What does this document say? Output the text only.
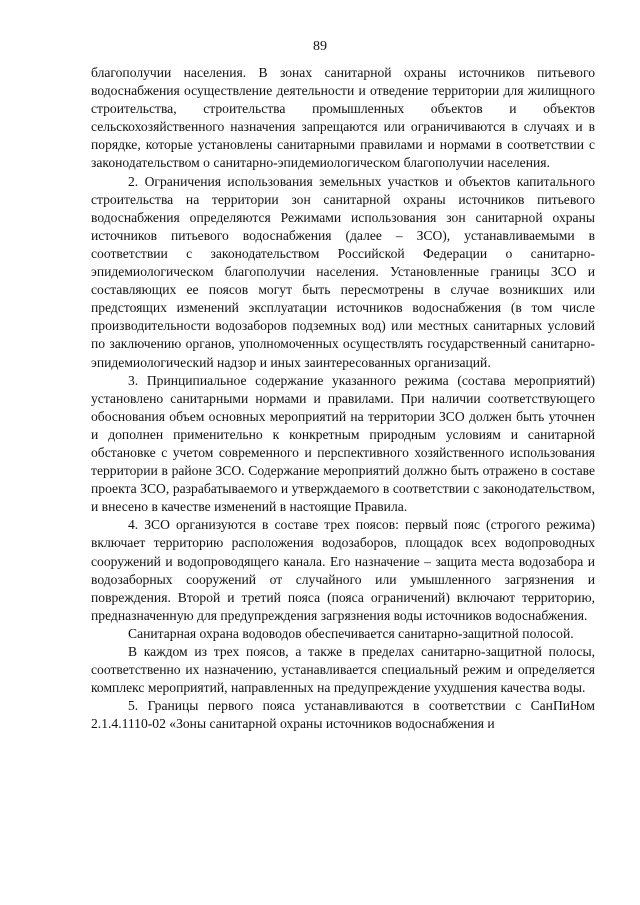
89

благополучии населения. В зонах санитарной охраны источников питьевого водоснабжения осуществление деятельности и отведение территории для жилищного строительства, строительства промышленных объектов и объектов сельскохозяйственного назначения запрещаются или ограничиваются в случаях и в порядке, которые установлены санитарными правилами и нормами в соответствии с законодательством о санитарно-эпидемиологическом благополучии населения.

2. Ограничения использования земельных участков и объектов капитального строительства на территории зон санитарной охраны источников питьевого водоснабжения определяются Режимами использования зон санитарной охраны источников питьевого водоснабжения (далее – ЗСО), устанавливаемыми в соответствии с законодательством Российской Федерации о санитарно-эпидемиологическом благополучии населения. Установленные границы ЗСО и составляющих ее поясов могут быть пересмотрены в случае возникших или предстоящих изменений эксплуатации источников водоснабжения (в том числе производительности водозаборов подземных вод) или местных санитарных условий по заключению органов, уполномоченных осуществлять государственный санитарно-эпидемиологический надзор и иных заинтересованных организаций.

3. Принципиальное содержание указанного режима (состава мероприятий) установлено санитарными нормами и правилами. При наличии соответствующего обоснования объем основных мероприятий на территории ЗСО должен быть уточнен и дополнен применительно к конкретным природным условиям и санитарной обстановке с учетом современного и перспективного хозяйственного использования территории в районе ЗСО. Содержание мероприятий должно быть отражено в составе проекта ЗСО, разрабатываемого и утверждаемого в соответствии с законодательством, и внесено в качестве изменений в настоящие Правила.

4. ЗСО организуются в составе трех поясов: первый пояс (строгого режима) включает территорию расположения водозаборов, площадок всех водопроводных сооружений и водопроводящего канала. Его назначение – защита места водозабора и водозаборных сооружений от случайного или умышленного загрязнения и повреждения. Второй и третий пояса (пояса ограничений) включают территорию, предназначенную для предупреждения загрязнения воды источников водоснабжения.

Санитарная охрана водоводов обеспечивается санитарно-защитной полосой.

В каждом из трех поясов, а также в пределах санитарно-защитной полосы, соответственно их назначению, устанавливается специальный режим и определяется комплекс мероприятий, направленных на предупреждение ухудшения качества воды.

5. Границы первого пояса устанавливаются в соответствии с СанПиНом 2.1.4.1110-02 «Зоны санитарной охраны источников водоснабжения и
